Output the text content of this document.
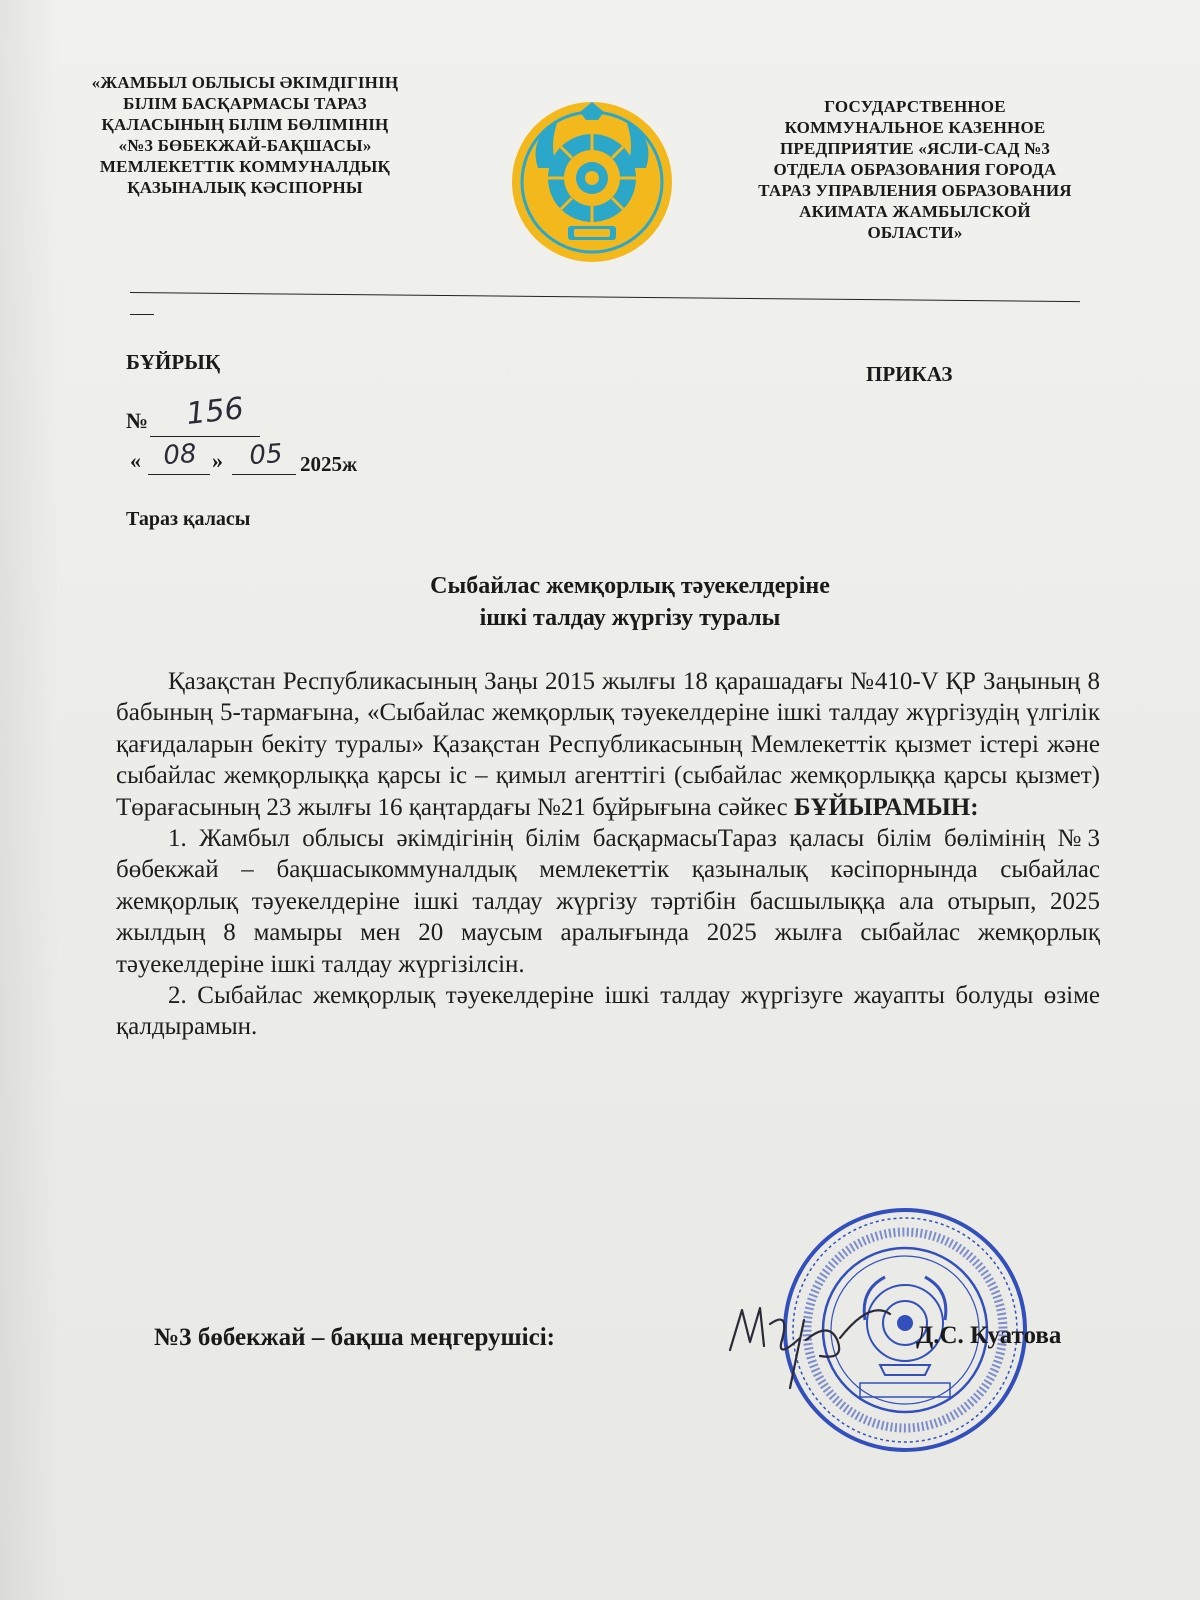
«ЖАМБЫЛ ОБЛЫСЫ ӘКІМДІГІНІҢ
БІЛІМ БАСҚАРМАСЫ ТАРАЗ
ҚАЛАСЫНЫҢ БІЛІМ БӨЛІМІНІҢ
«№3 БӨБЕКЖАЙ-БАҚШАСЫ»
МЕМЛЕКЕТТІК КОММУНАЛДЫҚ
ҚАЗЫНАЛЫҚ КӘСІПОРНЫ
ГОСУДАРСТВЕННОЕ
КОММУНАЛЬНОЕ КАЗЕННОЕ
ПРЕДПРИЯТИЕ «ЯСЛИ-САД №3
ОТДЕЛА ОБРАЗОВАНИЯ ГОРОДА
ТАРАЗ УПРАВЛЕНИЯ ОБРАЗОВАНИЯ
АКИМАТА ЖАМБЫЛСКОЙ
ОБЛАСТИ»
БҰЙРЫҚ	ПРИКАЗ
№	156
« 08 » 05 2025ж
Тараз қаласы
Сыбайлас жемқорлық тәуекелдеріне
ішкі талдау жүргізу туралы

Қазақстан Республикасының Заңы 2015 жылғы 18 қарашадағы №410-V ҚР Заңының 8 бабының 5-тармағына, «Сыбайлас жемқорлық тәуекелдеріне ішкі талдау жүргізудің үлгілік қағидаларын бекіту туралы» Қазақстан Республикасының Мемлекеттік қызмет істері және сыбайлас жемқорлыққа қарсы іс – қимыл агенттігі (сыбайлас жемқорлыққа қарсы қызмет) Төрағасының 23 жылғы 16 қаңтардағы №21 бұйрығына сәйкес БҰЙЫРАМЫН:

1. Жамбыл облысы әкімдігінің білім басқармасыТараз қаласы білім бөлімінің №3 бөбекжай – бақшасыкоммуналдық мемлекеттік қазыналық кәсіпорнында сыбайлас жемқорлық тәуекелдеріне ішкі талдау жүргізу тәртібін басшылыққа ала отырып, 2025 жылдың 8 мамыры мен 20 маусым аралығында 2025 жылға сыбайлас жемқорлық тәуекелдеріне ішкі талдау жүргізілсін.

2. Сыбайлас жемқорлық тәуекелдеріне ішкі талдау жүргізуге жауапты болуды өзіме қалдырамын.

№3 бөбекжай – бақша меңгерушісі:	Д.С. Куатова
